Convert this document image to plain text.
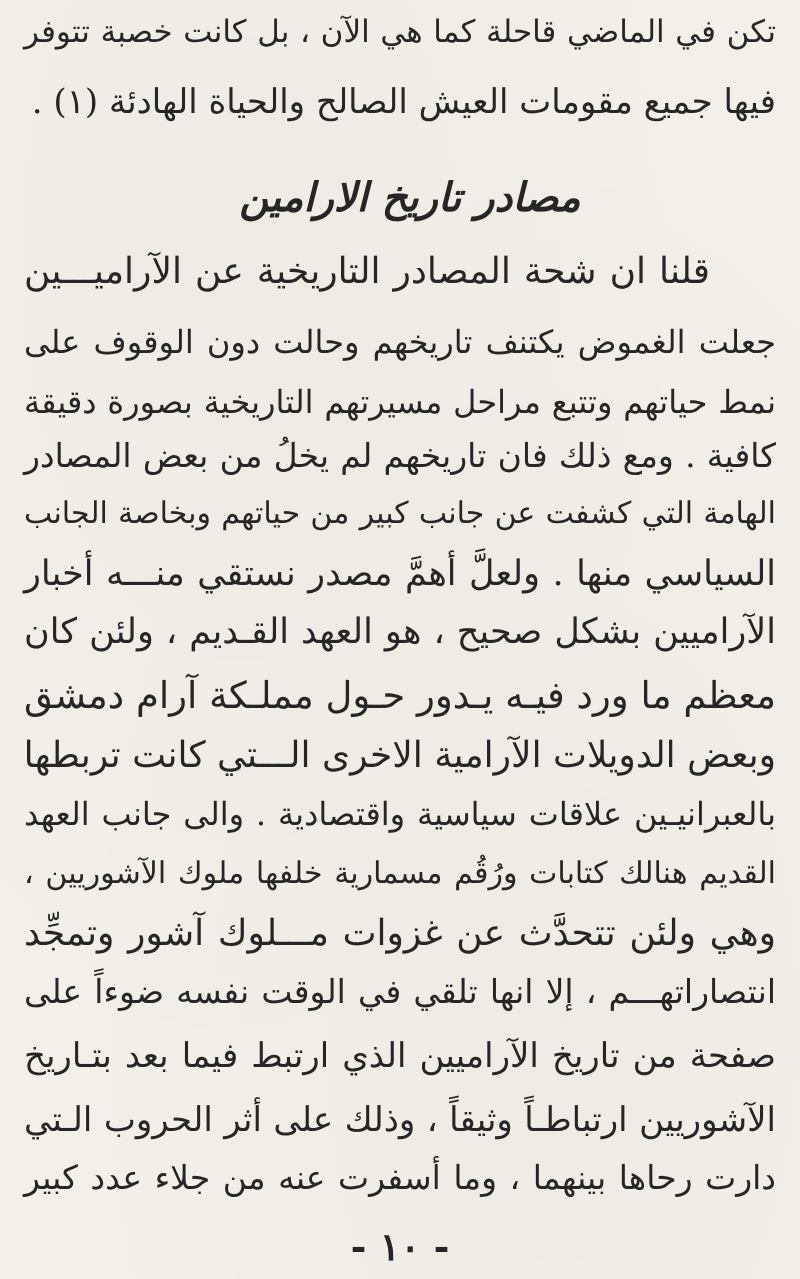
تكن في الماضي قاحلة كما هي الآن ، بل كانت خصبة تتوفر
فيها جميع مقومات العيش الصالح والحياة الهادئة (١) .
مصادر تاريخ الارامين
قلنا ان شحة المصادر التاريخية عن الآراميـــين
جعلت الغموض يكتنف تاريخهم وحالت دون الوقوف على
نمط حياتهم وتتبع مراحل مسيرتهم التاريخية بصورة دقيقة
كافية . ومع ذلك فان تاريخهم لم يخلُ من بعض المصادر
الهامة التي كشفت عن جانب كبير من حياتهم وبخاصة الجانب
السياسي منها . ولعلَّ أهمَّ مصدر نستقي منـــه أخبار
الآراميين بشكل صحيح ، هو العهد القـديم ، ولئن كان
معظم ما ورد فيـه يـدور حـول مملـكة آرام دمشق
وبعض الدويلات الآرامية الاخرى الـــتي كانت تربطها
بالعبرانيـين علاقات سياسية واقتصادية . والى جانب العهد
القديم هنالك كتابات ورُقُم مسمارية خلفها ملوك الآشوريين ،
وهي ولئن تتحدَّث عن غزوات مـــلوك آشور وتمجِّد
انتصاراتهـــم ، إلا انها تلقي في الوقت نفسه ضوءاً على
صفحة من تاريخ الآراميين الذي ارتبط فيما بعد بتـاريخ
الآشوريين ارتباطـاً وثيقاً ، وذلك على أثر الحروب الـتي
دارت رحاها بينهما ، وما أسفرت عنه من جلاء عدد كبير
- ١٠ -
